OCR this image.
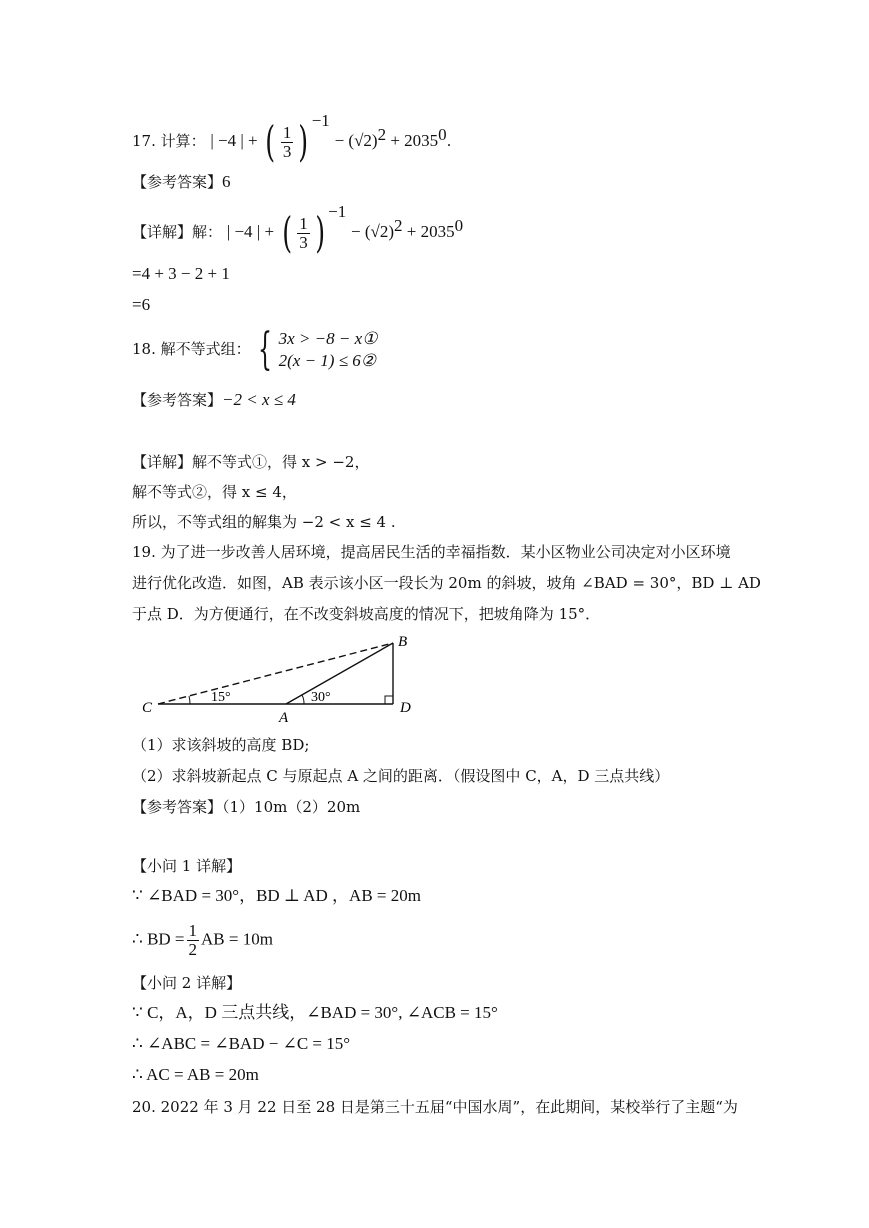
17. 计算： | −4 | + ( $\frac{1}{3}$ ) $^{-1} - (√2)^2 + 2035^0$.
【参考答案】6
【详解】解： | −4 | + ( $\frac{1}{3}$ ) $^{-1} - (√2)^2 + 2035^0$
=4 + 3 − 2 + 1
=6
18. 解不等式组： { 3x > −8 − x①
2(x − 1) ≤ 6②
【参考答案】−2 < x ≤ 4
【详解】解不等式①，得 x > −2，
解不等式②，得 x ≤ 4，
所以，不等式组的解集为 −2 < x ≤ 4 .
19. 为了进一步改善人居环境，提高居民生活的幸福指数．某小区物业公司决定对小区环境
进行优化改造．如图，AB 表示该小区一段长为 20m 的斜坡，坡角 ∠BAD = 30°，BD ⊥ AD
于点 D．为方便通行，在不改变斜坡高度的情况下，把坡角降为 15°．
B
C
A
D
15°	30°
（1）求该斜坡的高度 BD;
（2）求斜坡新起点 C 与原起点 A 之间的距离．（假设图中 C，A，D 三点共线）
【参考答案】（1）10m（2）20m
【小问 1 详解】
∵ ∠BAD = 30°，BD ⊥ AD ，AB = 20m
∴ BD = $\frac{1}{2}$ AB = 10m
【小问 2 详解】
∵ C，A，D 三点共线，∠BAD = 30°, ∠ACB = 15°
∴ ∠ABC = ∠BAD − ∠C = 15°
∴ AC = AB = 20m
20. 2022 年 3 月 22 日至 28 日是第三十五届“中国水周”，在此期间，某校举行了主题“为
